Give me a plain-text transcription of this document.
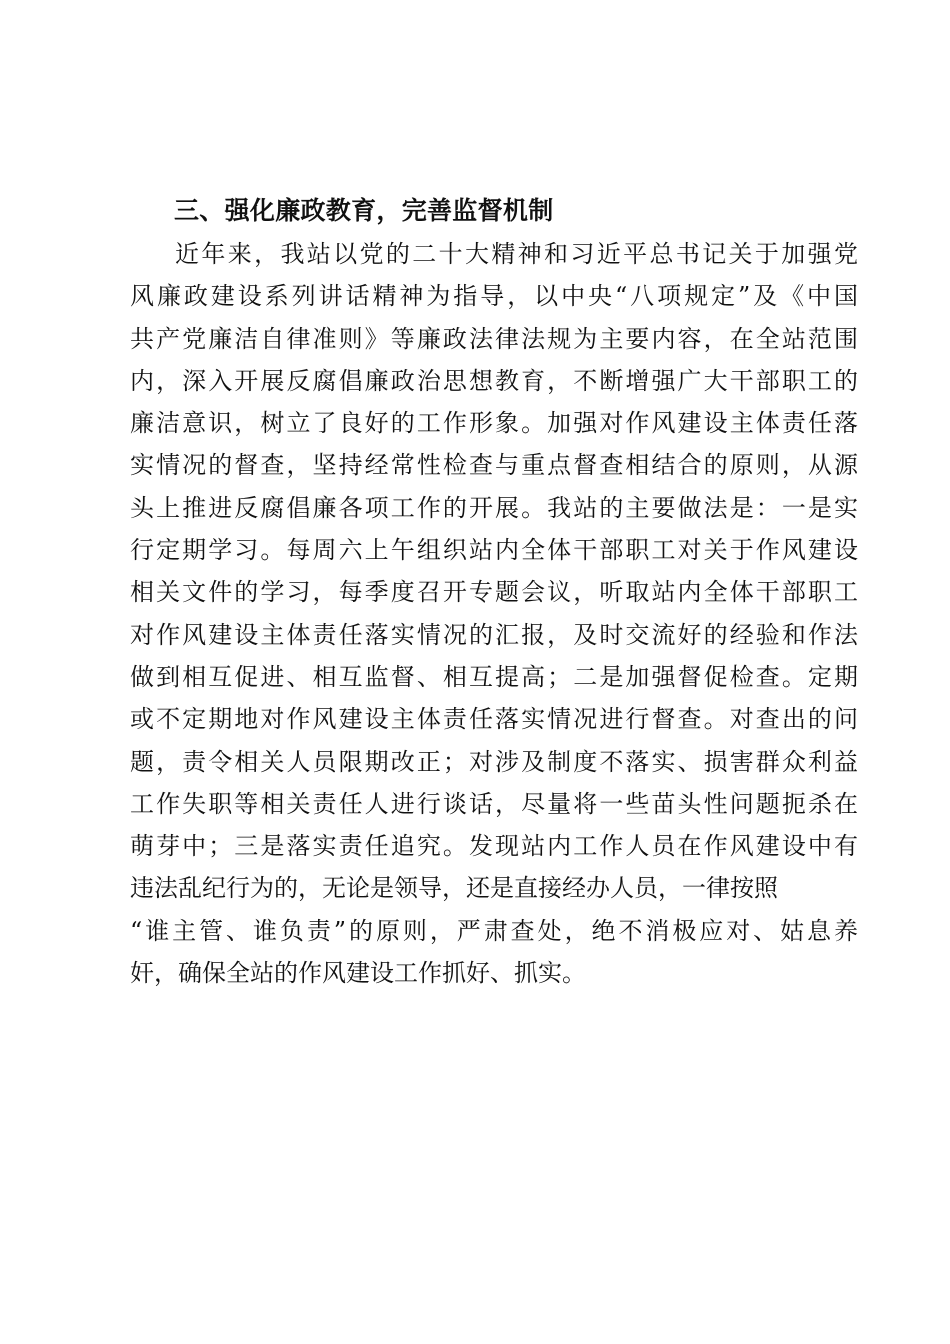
三、强化廉政教育，完善监督机制
近年来，我站以党的二十大精神和习近平总书记关于加强党
风廉政建设系列讲话精神为指导，以中央“八项规定”及《中国
共产党廉洁自律准则》等廉政法律法规为主要内容，在全站范围
内，深入开展反腐倡廉政治思想教育，不断增强广大干部职工的
廉洁意识，树立了良好的工作形象。加强对作风建设主体责任落
实情况的督查，坚持经常性检查与重点督查相结合的原则，从源
头上推进反腐倡廉各项工作的开展。我站的主要做法是：一是实
行定期学习。每周六上午组织站内全体干部职工对关于作风建设
相关文件的学习，每季度召开专题会议，听取站内全体干部职工
对作风建设主体责任落实情况的汇报，及时交流好的经验和作法
做到相互促进、相互监督、相互提高；二是加强督促检查。定期
或不定期地对作风建设主体责任落实情况进行督查。对查出的问
题，责令相关人员限期改正；对涉及制度不落实、损害群众利益
工作失职等相关责任人进行谈话，尽量将一些苗头性问题扼杀在
萌芽中；三是落实责任追究。发现站内工作人员在作风建设中有
违法乱纪行为的，无论是领导，还是直接经办人员，一律按照
“谁主管、谁负责”的原则，严肃查处，绝不消极应对、姑息养
奸，确保全站的作风建设工作抓好、抓实。
